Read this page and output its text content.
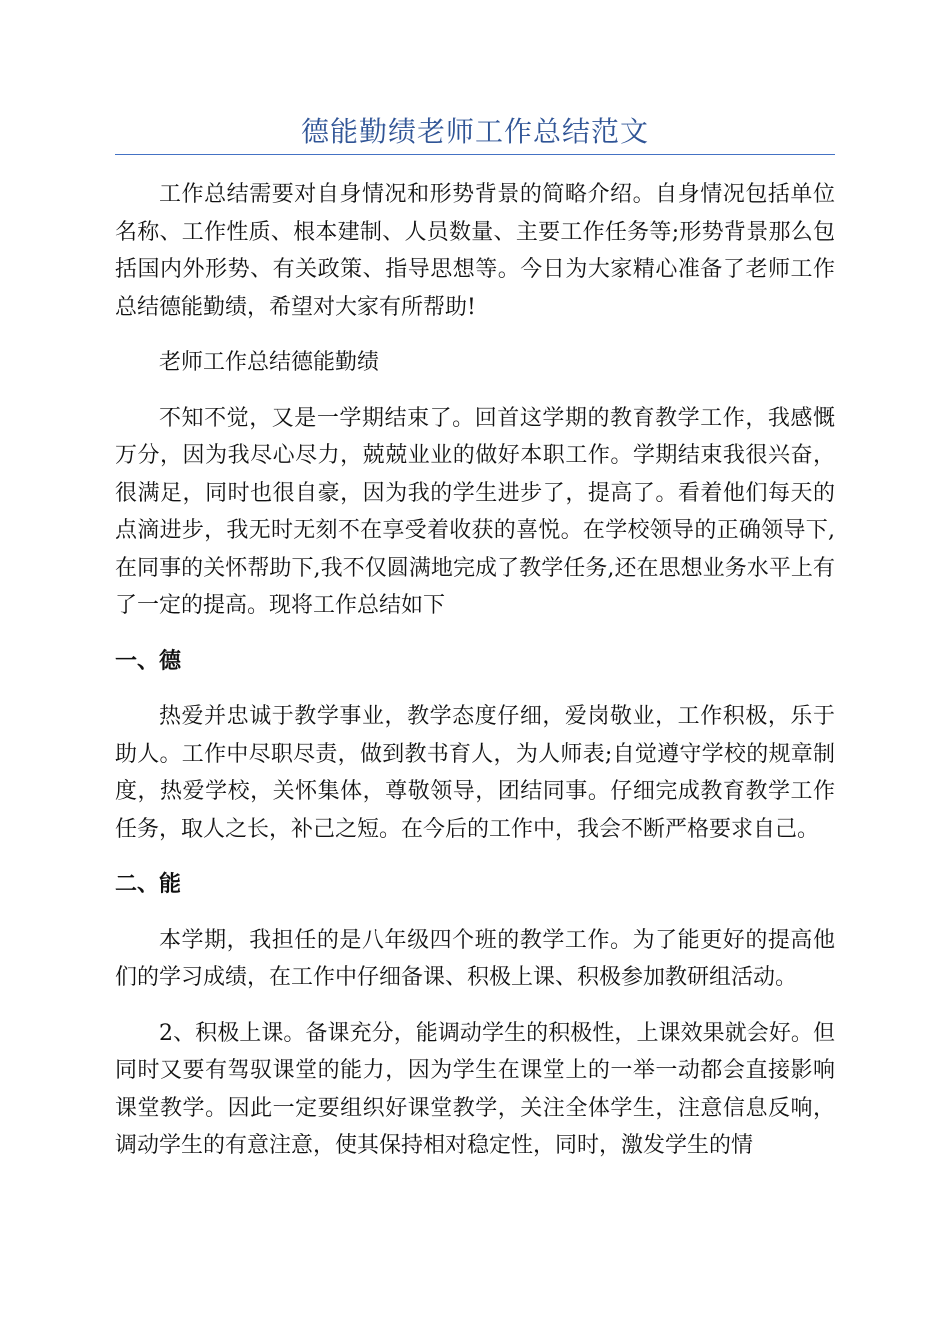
德能勤绩老师工作总结范文

工作总结需要对自身情况和形势背景的简略介绍。自身情况包括单位名称、工作性质、根本建制、人员数量、主要工作任务等;形势背景那么包括国内外形势、有关政策、指导思想等。今日为大家精心准备了老师工作总结德能勤绩，希望对大家有所帮助!

老师工作总结德能勤绩

不知不觉，又是一学期结束了。回首这学期的教育教学工作，我感慨万分，因为我尽心尽力，兢兢业业的做好本职工作。学期结束我很兴奋，很满足，同时也很自豪，因为我的学生进步了，提高了。看着他们每天的点滴进步，我无时无刻不在享受着收获的喜悦。在学校领导的正确领导下,在同事的关怀帮助下,我不仅圆满地完成了教学任务,还在思想业务水平上有了一定的提高。现将工作总结如下

一、德

热爱并忠诚于教学事业，教学态度仔细，爱岗敬业，工作积极，乐于助人。工作中尽职尽责，做到教书育人，为人师表;自觉遵守学校的规章制度，热爱学校，关怀集体，尊敬领导，团结同事。仔细完成教育教学工作任务，取人之长，补己之短。在今后的工作中，我会不断严格要求自己。

二、能

本学期，我担任的是八年级四个班的教学工作。为了能更好的提高他们的学习成绩，在工作中仔细备课、积极上课、积极参加教研组活动。

2、积极上课。备课充分，能调动学生的积极性，上课效果就会好。但同时又要有驾驭课堂的能力，因为学生在课堂上的一举一动都会直接影响课堂教学。因此一定要组织好课堂教学，关注全体学生，注意信息反响，调动学生的有意注意，使其保持相对稳定性，同时，激发学生的情
